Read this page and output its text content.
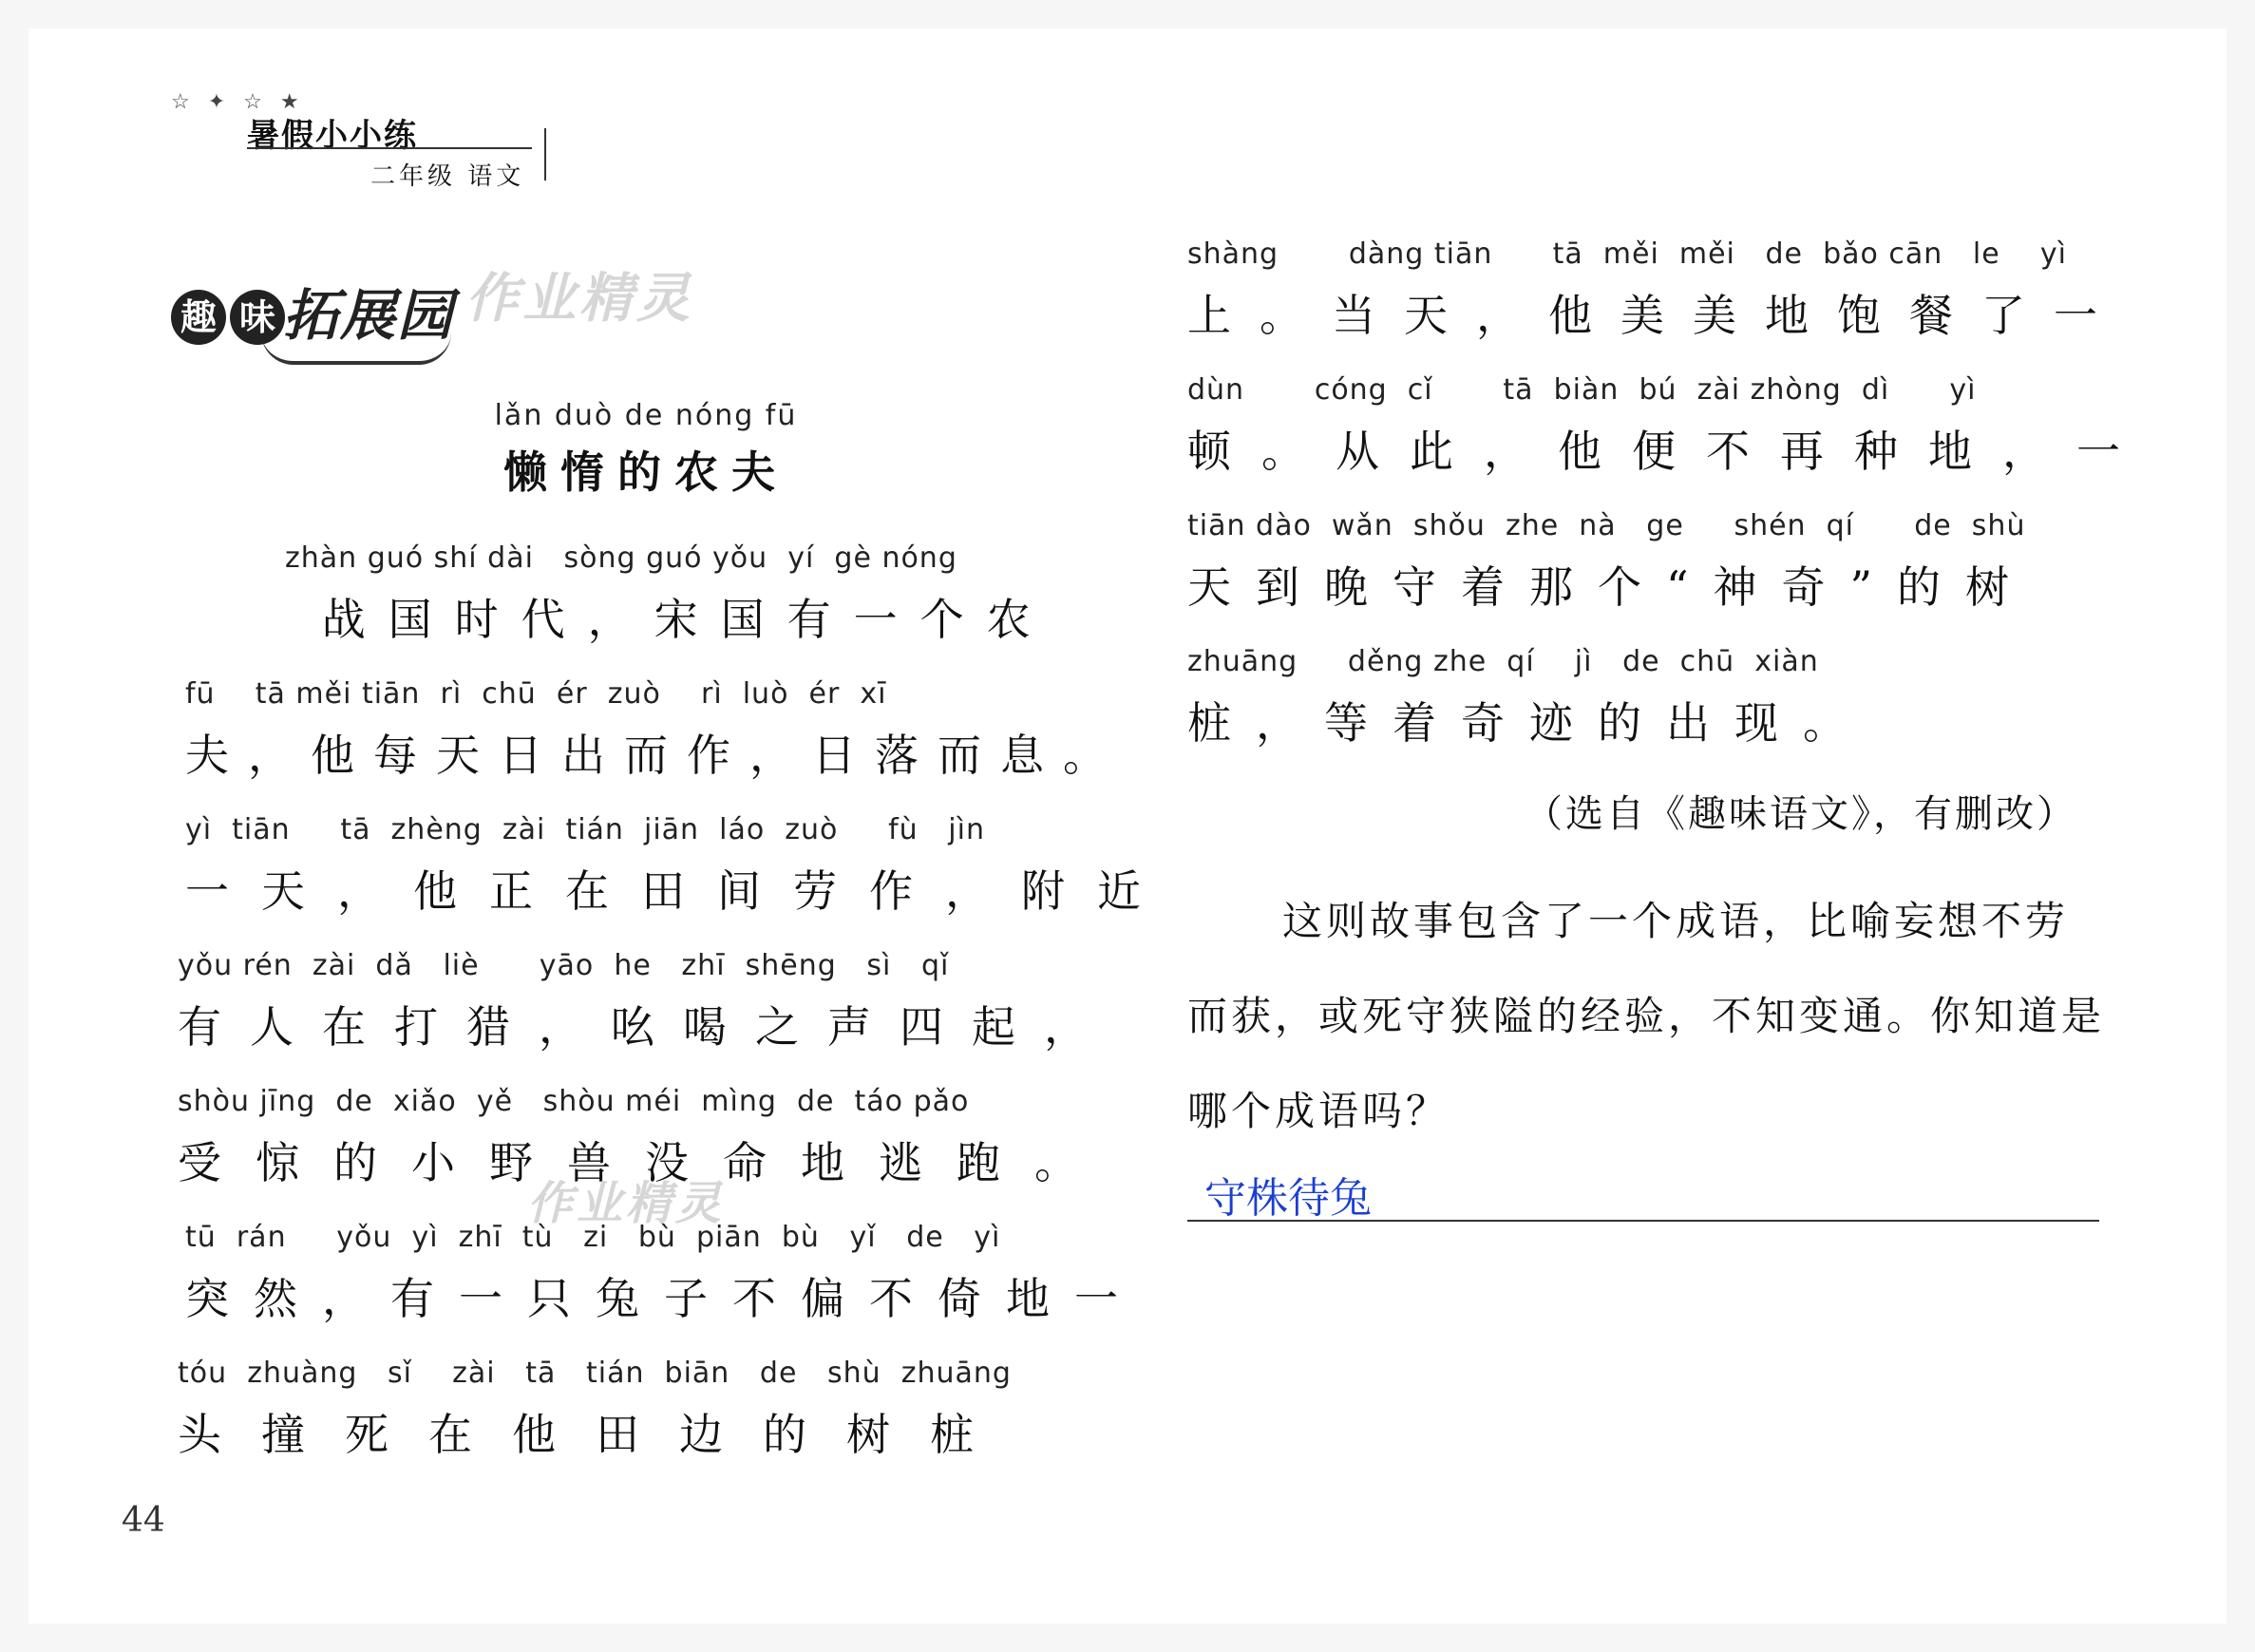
☆ ✦ ☆ ★
暑假小小练
二年级 语文
趣 味 拓展园 作业精灵
作业精灵
lǎn duò de nóng fū
懒惰的农夫
zhàn guó shí dài   sòng guó yǒu  yí  gè nóng
战国时代，宋国有一个农
fū    tā měi tiān  rì  chū  ér  zuò    rì  luò  ér  xī
夫，他每天日出而作，日落而息。
yì  tiān     tā  zhèng  zài  tián  jiān  láo  zuò     fù   jìn
一天，他正在田间劳作，附近
yǒu rén  zài  dǎ   liè      yāo  he   zhī  shēng   sì   qǐ
有人在打猎，吆喝之声四起，
shòu jīng  de  xiǎo  yě   shòu méi  mìng  de  táo pǎo
受惊的小野兽没命地逃跑。
tū  rán     yǒu  yì  zhī  tù   zi   bù  piān  bù   yǐ   de   yì
突然，有一只兔子不偏不倚地一
tóu  zhuàng   sǐ    zài   tā   tián  biān   de   shù  zhuāng
头撞死在他田边的树桩
shàng       dàng tiān      tā  měi  měi   de  bǎo cān   le    yì
上。当天，他美美地饱餐了一
dùn       cóng  cǐ       tā  biàn  bú  zài zhòng  dì      yì
顿。从此，他便不再种地，一
tiān dào  wǎn  shǒu  zhe  nà   ge     shén  qí      de  shù
天到晚守着那个“神奇”的树
zhuāng     děng zhe  qí    jì   de  chū  xiàn
桩，等着奇迹的出现。
（选自《趣味语文》，有删改）
这则故事包含了一个成语，比喻妄想不劳而获，或死守狭隘的经验，不知变通。你知道是哪个成语吗？
守株待兔
44
